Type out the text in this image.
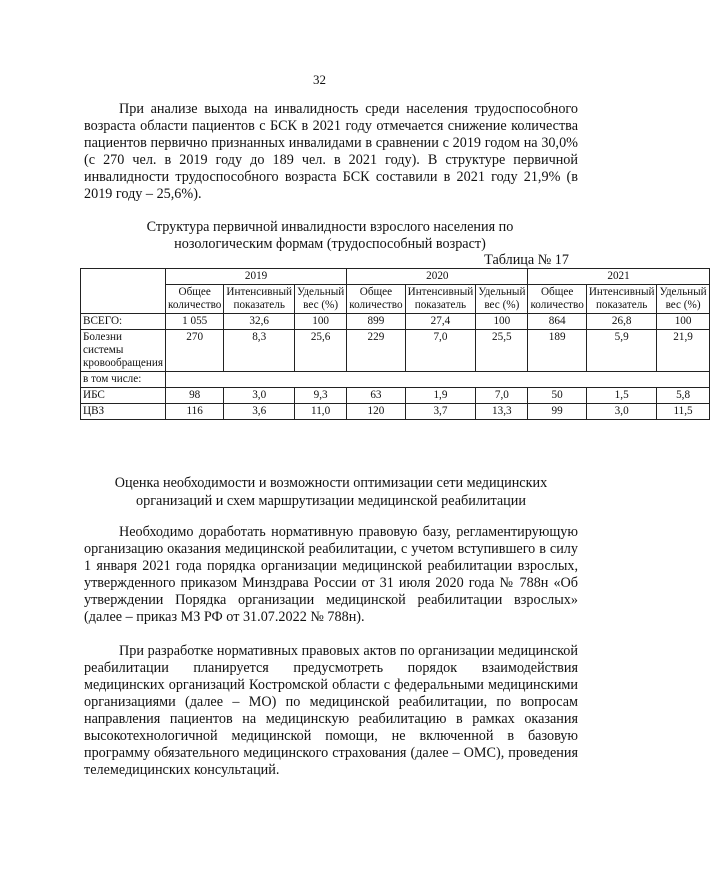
32
При анализе выхода на инвалидность среди населения трудоспособного возраста области пациентов с БСК в 2021 году отмечается снижение количества пациентов первично признанных инвалидами в сравнении с 2019 годом на 30,0% (с 270 чел. в 2019 году до 189 чел. в 2021 году). В структуре первичной инвалидности трудоспособного возраста БСК составили в 2021 году 21,9% (в 2019 году – 25,6%).
Структура первичной инвалидности взрослого населения по
нозологическим формам (трудоспособный возраст)
Таблица № 17
	2019			2020			2021		
	Общее количество	Интенсивный показатель	Удельный вес (%)	Общее количество	Интенсивный показатель	Удельный вес (%)	Общее количество	Интенсивный показатель	Удельный вес (%)
ВСЕГО:	1 055	32,6	100	899	27,4	100	864	26,8	100
Болезни системы кровообращения	270	8,3	25,6	229	7,0	25,5	189	5,9	21,9
в том числе:									
ИБС	98	3,0	9,3	63	1,9	7,0	50	1,5	5,8
ЦВЗ	116	3,6	11,0	120	3,7	13,3	99	3,0	11,5
Оценка необходимости и возможности оптимизации сети медицинских
организаций и схем маршрутизации медицинской реабилитации
Необходимо доработать нормативную правовую базу, регламентирующую организацию оказания медицинской реабилитации, с учетом вступившего в силу 1 января 2021 года порядка организации медицинской реабилитации взрослых, утвержденного приказом Минздрава России от 31 июля 2020 года № 788н «Об утверждении Порядка организации медицинской реабилитации взрослых» (далее – приказ МЗ РФ от 31.07.2022 № 788н).
При разработке нормативных правовых актов по организации медицинской реабилитации планируется предусмотреть порядок взаимодействия медицинских организаций Костромской области с федеральными медицинскими организациями (далее – МО) по медицинской реабилитации, по вопросам направления пациентов на медицинскую реабилитацию в рамках оказания высокотехнологичной медицинской помощи, не включенной в базовую программу обязательного медицинского страхования (далее – ОМС), проведения телемедицинских консультаций.
